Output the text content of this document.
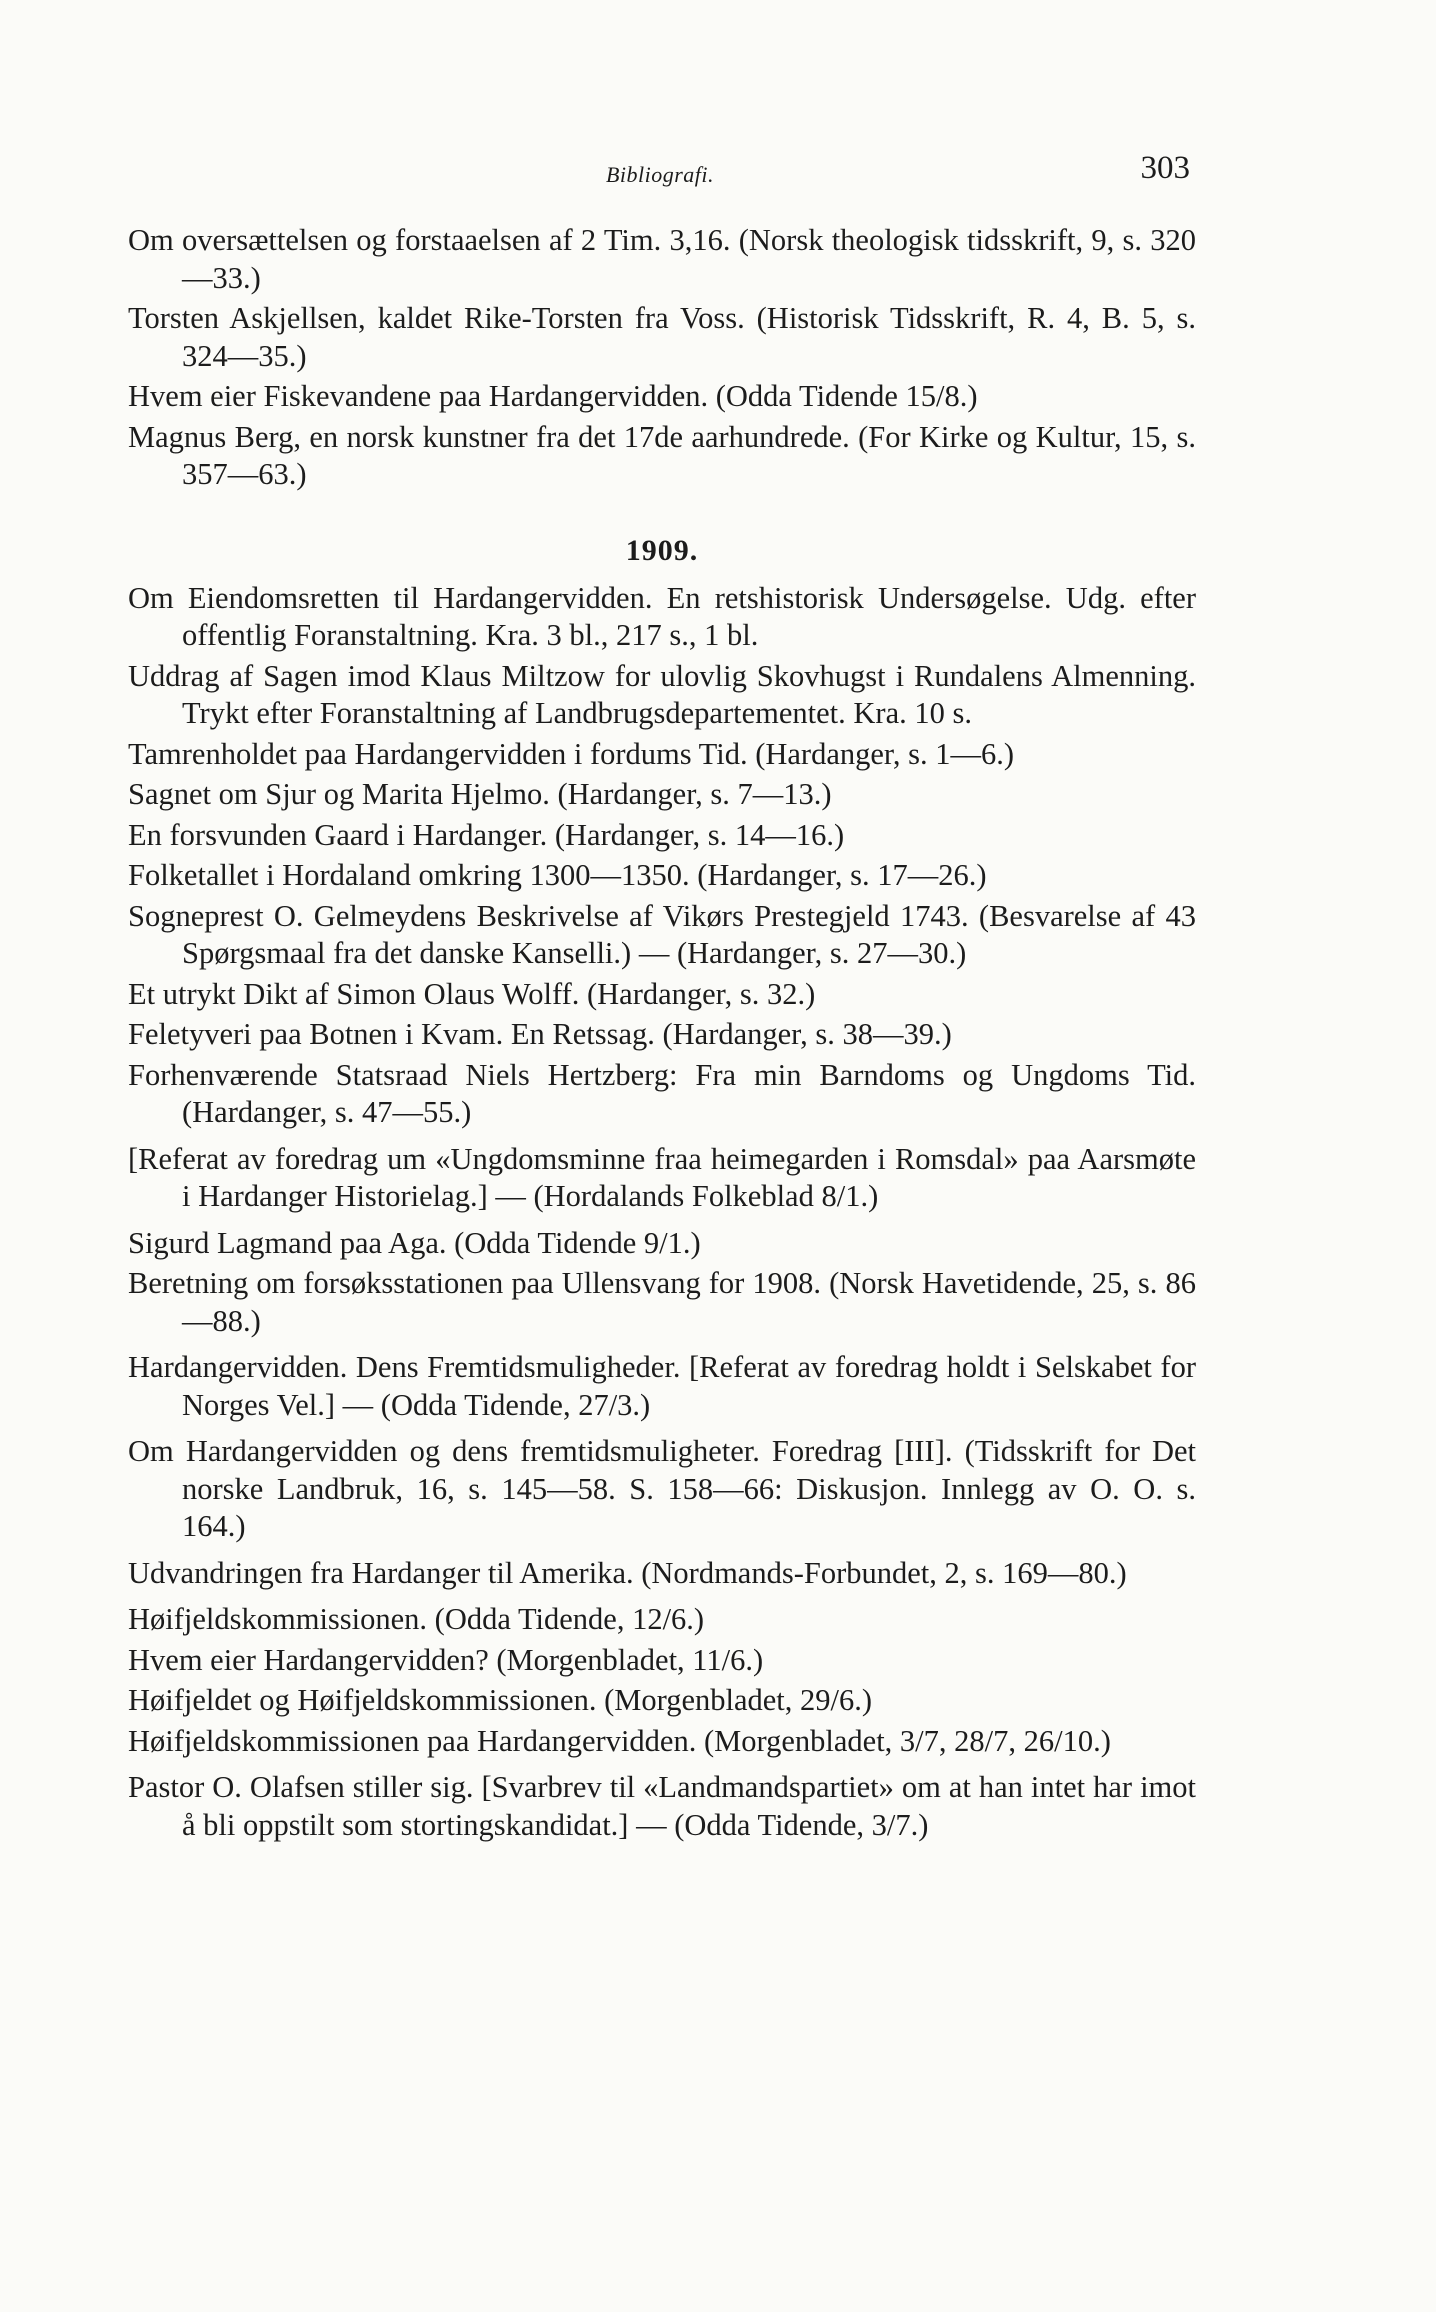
Bibliografi.	303

Om oversættelsen og forstaaelsen af 2 Tim. 3,16. (Norsk theologisk tidsskrift, 9, s. 320—33.)

Torsten Askjellsen, kaldet Rike-Torsten fra Voss. (Historisk Tidsskrift, R. 4, B. 5, s. 324—35.)

Hvem eier Fiskevandene paa Hardangervidden. (Odda Tidende 15/8.)

Magnus Berg, en norsk kunstner fra det 17de aarhundrede. (For Kirke og Kultur, 15, s. 357—63.)

1909.

Om Eiendomsretten til Hardangervidden. En retshistorisk Undersøgelse. Udg. efter offentlig Foranstaltning. Kra. 3 bl., 217 s., 1 bl.

Uddrag af Sagen imod Klaus Miltzow for ulovlig Skovhugst i Rundalens Almenning. Trykt efter Foranstaltning af Landbrugsdepartementet. Kra. 10 s.

Tamrenholdet paa Hardangervidden i fordums Tid. (Hardanger, s. 1—6.)

Sagnet om Sjur og Marita Hjelmo. (Hardanger, s. 7—13.)

En forsvunden Gaard i Hardanger. (Hardanger, s. 14—16.)

Folketallet i Hordaland omkring 1300—1350. (Hardanger, s. 17—26.)

Sogneprest O. Gelmeydens Beskrivelse af Vikørs Prestegjeld 1743. (Besvarelse af 43 Spørgsmaal fra det danske Kanselli.) — (Hardanger, s. 27—30.)

Et utrykt Dikt af Simon Olaus Wolff. (Hardanger, s. 32.)

Feletyveri paa Botnen i Kvam. En Retssag. (Hardanger, s. 38—39.)

Forhenværende Statsraad Niels Hertzberg: Fra min Barndoms og Ungdoms Tid. (Hardanger, s. 47—55.)

[Referat av foredrag um «Ungdomsminne fraa heimegarden i Romsdal» paa Aarsmøte i Hardanger Historielag.] — (Hordalands Folkeblad 8/1.)

Sigurd Lagmand paa Aga. (Odda Tidende 9/1.)

Beretning om forsøksstationen paa Ullensvang for 1908. (Norsk Havetidende, 25, s. 86—88.)

Hardangervidden. Dens Fremtidsmuligheder. [Referat av foredrag holdt i Selskabet for Norges Vel.] — (Odda Tidende, 27/3.)

Om Hardangervidden og dens fremtidsmuligheter. Foredrag [III]. (Tidsskrift for Det norske Landbruk, 16, s. 145—58. S. 158—66: Diskusjon. Innlegg av O. O. s. 164.)

Udvandringen fra Hardanger til Amerika. (Nordmands-Forbundet, 2, s. 169—80.)

Høifjeldskommissionen. (Odda Tidende, 12/6.)

Hvem eier Hardangervidden? (Morgenbladet, 11/6.)

Høifjeldet og Høifjeldskommissionen. (Morgenbladet, 29/6.)

Høifjeldskommissionen paa Hardangervidden. (Morgenbladet, 3/7, 28/7, 26/10.)

Pastor O. Olafsen stiller sig. [Svarbrev til «Landmandspartiet» om at han intet har imot å bli oppstilt som stortingskandidat.] — (Odda Tidende, 3/7.)
